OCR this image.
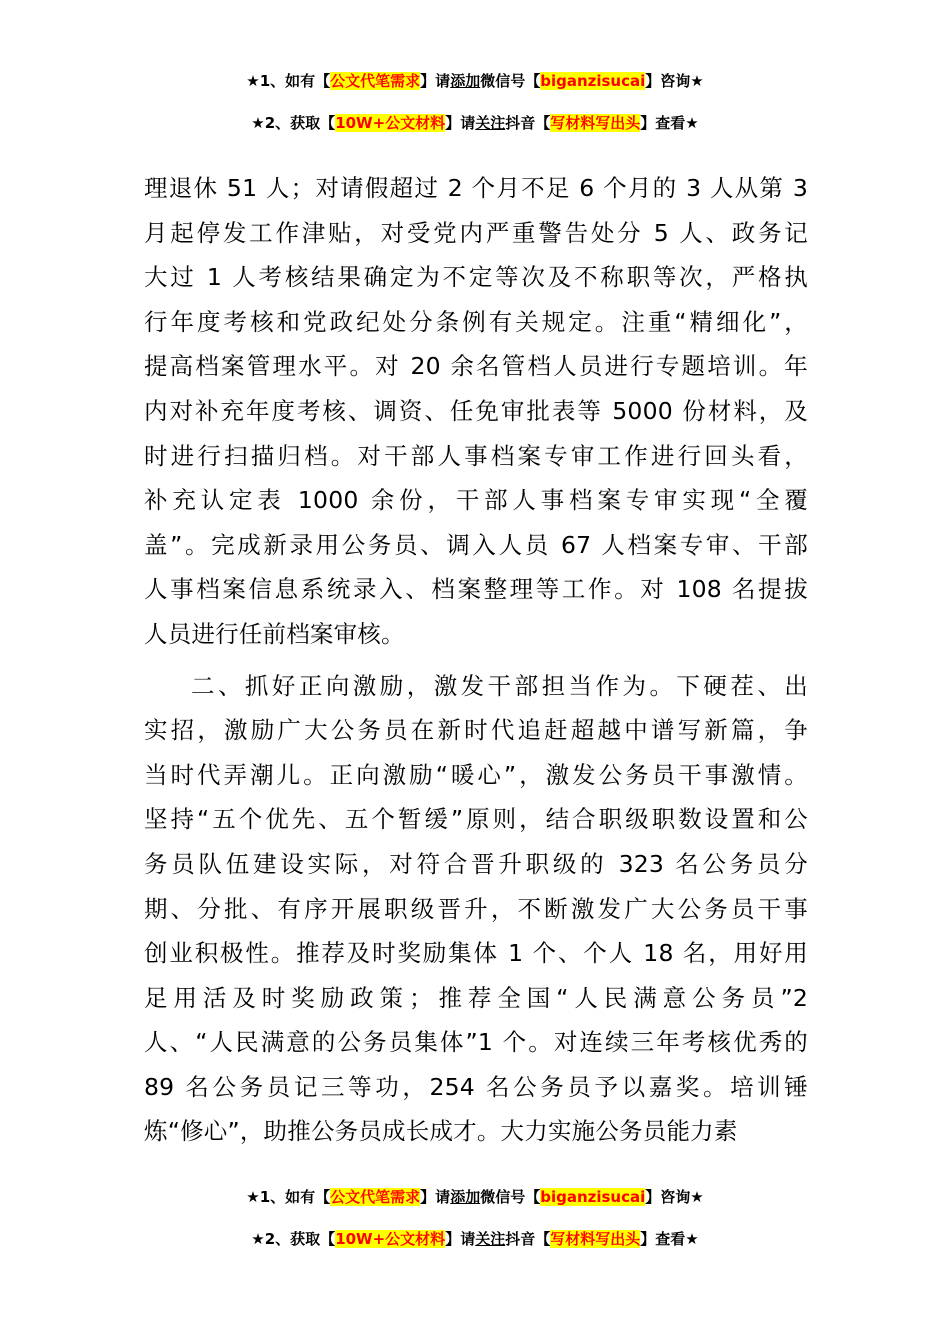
★1、如有【公文代笔需求】请添加微信号【biganzisucai】咨询★
★2、获取【10W+公文材料】请关注抖音【写材料写出头】查看★

理退休 51 人；对请假超过 2 个月不足 6 个月的 3 人从第 3
月起停发工作津贴，对受党内严重警告处分 5 人、政务记
大过 1 人考核结果确定为不定等次及不称职等次，严格执
行年度考核和党政纪处分条例有关规定。注重“精细化”，
提高档案管理水平。对 20 余名管档人员进行专题培训。年
内对补充年度考核、调资、任免审批表等 5000 份材料，及
时进行扫描归档。对干部人事档案专审工作进行回头看，
补充认定表 1000 余份，干部人事档案专审实现“全覆
盖”。完成新录用公务员、调入人员 67 人档案专审、干部
人事档案信息系统录入、档案整理等工作。对 108 名提拔
人员进行任前档案审核。

二、抓好正向激励，激发干部担当作为。下硬茬、出
实招，激励广大公务员在新时代追赶超越中谱写新篇，争
当时代弄潮儿。正向激励“暖心”，激发公务员干事激情。
坚持“五个优先、五个暂缓”原则，结合职级职数设置和公
务员队伍建设实际，对符合晋升职级的 323 名公务员分
期、分批、有序开展职级晋升，不断激发广大公务员干事
创业积极性。推荐及时奖励集体 1 个、个人 18 名，用好用
足用活及时奖励政策；推荐全国“人民满意公务员”2
人、“人民满意的公务员集体”1 个。对连续三年考核优秀的
89 名公务员记三等功，254 名公务员予以嘉奖。培训锤
炼“修心”，助推公务员成长成才。大力实施公务员能力素

★1、如有【公文代笔需求】请添加微信号【biganzisucai】咨询★
★2、获取【10W+公文材料】请关注抖音【写材料写出头】查看★
